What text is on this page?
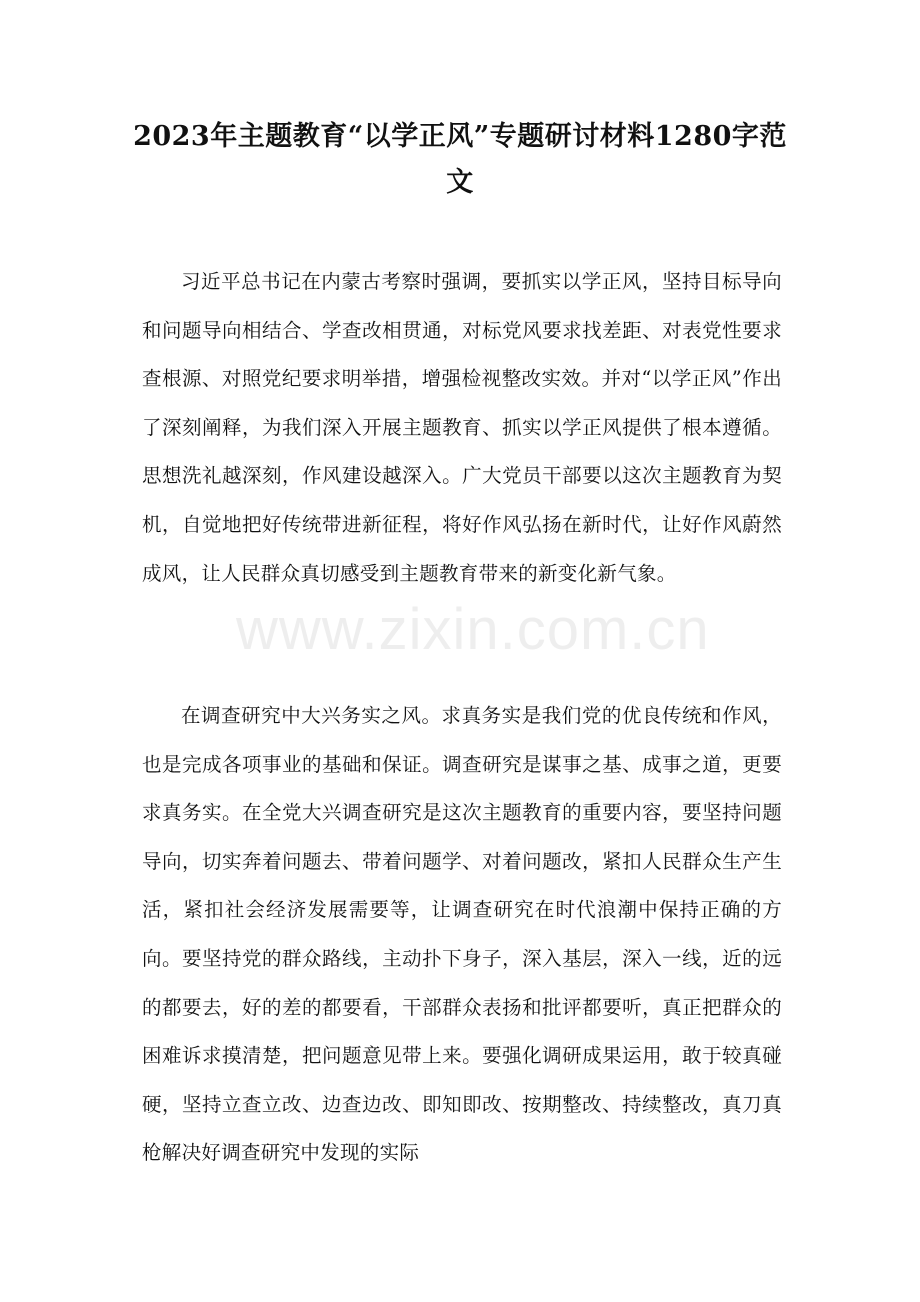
2023年主题教育“以学正风”专题研讨材料1280字范文
习近平总书记在内蒙古考察时强调，要抓实以学正风，坚持目标导向和问题导向相结合、学查改相贯通，对标党风要求找差距、对表党性要求查根源、对照党纪要求明举措，增强检视整改实效。并对“以学正风”作出了深刻阐释，为我们深入开展主题教育、抓实以学正风提供了根本遵循。思想洗礼越深刻，作风建设越深入。广大党员干部要以这次主题教育为契机，自觉地把好传统带进新征程，将好作风弘扬在新时代，让好作风蔚然成风，让人民群众真切感受到主题教育带来的新变化新气象。
www.zixin.com.cn
在调查研究中大兴务实之风。求真务实是我们党的优良传统和作风，也是完成各项事业的基础和保证。调查研究是谋事之基、成事之道，更要求真务实。在全党大兴调查研究是这次主题教育的重要内容，要坚持问题导向，切实奔着问题去、带着问题学、对着问题改，紧扣人民群众生产生活，紧扣社会经济发展需要等，让调查研究在时代浪潮中保持正确的方向。要坚持党的群众路线，主动扑下身子，深入基层，深入一线，近的远的都要去，好的差的都要看，干部群众表扬和批评都要听，真正把群众的困难诉求摸清楚，把问题意见带上来。要强化调研成果运用，敢于较真碰硬，坚持立查立改、边查边改、即知即改、按期整改、持续整改，真刀真枪解决好调查研究中发现的实际
